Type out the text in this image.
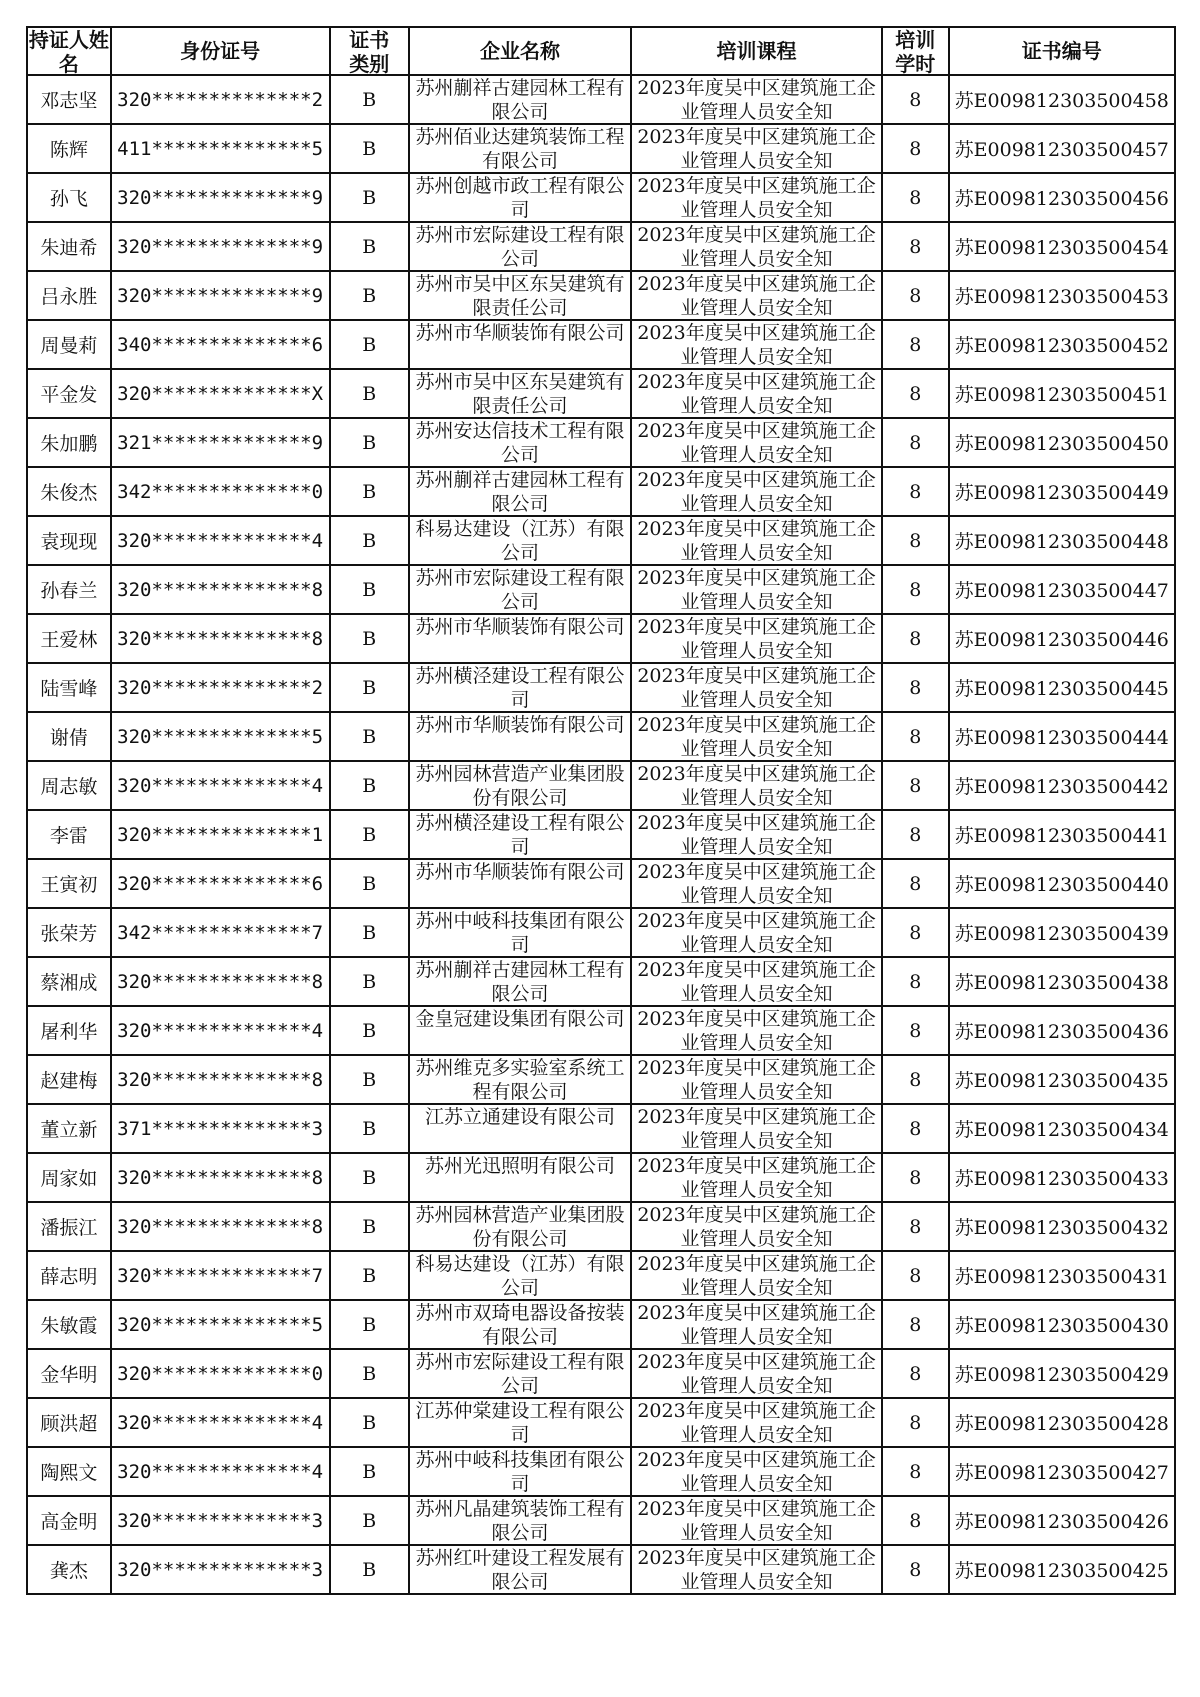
持证人姓名	身份证号	证书类别	企业名称	培训课程	培训学时	证书编号
邓志坚	320**************2	B	苏州蒯祥古建园林工程有限公司	2023年度吴中区建筑施工企业管理人员安全知	8	苏E009812303500458
陈辉	411**************5	B	苏州佰业达建筑装饰工程有限公司	2023年度吴中区建筑施工企业管理人员安全知	8	苏E009812303500457
孙飞	320**************9	B	苏州创越市政工程有限公司	2023年度吴中区建筑施工企业管理人员安全知	8	苏E009812303500456
朱迪希	320**************9	B	苏州市宏际建设工程有限公司	2023年度吴中区建筑施工企业管理人员安全知	8	苏E009812303500454
吕永胜	320**************9	B	苏州市吴中区东吴建筑有限责任公司	2023年度吴中区建筑施工企业管理人员安全知	8	苏E009812303500453
周曼莉	340**************6	B	苏州市华顺装饰有限公司	2023年度吴中区建筑施工企业管理人员安全知	8	苏E009812303500452
平金发	320**************X	B	苏州市吴中区东吴建筑有限责任公司	2023年度吴中区建筑施工企业管理人员安全知	8	苏E009812303500451
朱加鹏	321**************9	B	苏州安达信技术工程有限公司	2023年度吴中区建筑施工企业管理人员安全知	8	苏E009812303500450
朱俊杰	342**************0	B	苏州蒯祥古建园林工程有限公司	2023年度吴中区建筑施工企业管理人员安全知	8	苏E009812303500449
袁现现	320**************4	B	科易达建设（江苏）有限公司	2023年度吴中区建筑施工企业管理人员安全知	8	苏E009812303500448
孙春兰	320**************8	B	苏州市宏际建设工程有限公司	2023年度吴中区建筑施工企业管理人员安全知	8	苏E009812303500447
王爱林	320**************8	B	苏州市华顺装饰有限公司	2023年度吴中区建筑施工企业管理人员安全知	8	苏E009812303500446
陆雪峰	320**************2	B	苏州横泾建设工程有限公司	2023年度吴中区建筑施工企业管理人员安全知	8	苏E009812303500445
谢倩	320**************5	B	苏州市华顺装饰有限公司	2023年度吴中区建筑施工企业管理人员安全知	8	苏E009812303500444
周志敏	320**************4	B	苏州园林营造产业集团股份有限公司	2023年度吴中区建筑施工企业管理人员安全知	8	苏E009812303500442
李雷	320**************1	B	苏州横泾建设工程有限公司	2023年度吴中区建筑施工企业管理人员安全知	8	苏E009812303500441
王寅初	320**************6	B	苏州市华顺装饰有限公司	2023年度吴中区建筑施工企业管理人员安全知	8	苏E009812303500440
张荣芳	342**************7	B	苏州中岐科技集团有限公司	2023年度吴中区建筑施工企业管理人员安全知	8	苏E009812303500439
蔡湘成	320**************8	B	苏州蒯祥古建园林工程有限公司	2023年度吴中区建筑施工企业管理人员安全知	8	苏E009812303500438
屠利华	320**************4	B	金皇冠建设集团有限公司	2023年度吴中区建筑施工企业管理人员安全知	8	苏E009812303500436
赵建梅	320**************8	B	苏州维克多实验室系统工程有限公司	2023年度吴中区建筑施工企业管理人员安全知	8	苏E009812303500435
董立新	371**************3	B	江苏立通建设有限公司	2023年度吴中区建筑施工企业管理人员安全知	8	苏E009812303500434
周家如	320**************8	B	苏州光迅照明有限公司	2023年度吴中区建筑施工企业管理人员安全知	8	苏E009812303500433
潘振江	320**************8	B	苏州园林营造产业集团股份有限公司	2023年度吴中区建筑施工企业管理人员安全知	8	苏E009812303500432
薛志明	320**************7	B	科易达建设（江苏）有限公司	2023年度吴中区建筑施工企业管理人员安全知	8	苏E009812303500431
朱敏霞	320**************5	B	苏州市双琦电器设备按装有限公司	2023年度吴中区建筑施工企业管理人员安全知	8	苏E009812303500430
金华明	320**************0	B	苏州市宏际建设工程有限公司	2023年度吴中区建筑施工企业管理人员安全知	8	苏E009812303500429
顾洪超	320**************4	B	江苏仲棠建设工程有限公司	2023年度吴中区建筑施工企业管理人员安全知	8	苏E009812303500428
陶熙文	320**************4	B	苏州中岐科技集团有限公司	2023年度吴中区建筑施工企业管理人员安全知	8	苏E009812303500427
高金明	320**************3	B	苏州凡晶建筑装饰工程有限公司	2023年度吴中区建筑施工企业管理人员安全知	8	苏E009812303500426
龚杰	320**************3	B	苏州红叶建设工程发展有限公司	2023年度吴中区建筑施工企业管理人员安全知	8	苏E009812303500425
